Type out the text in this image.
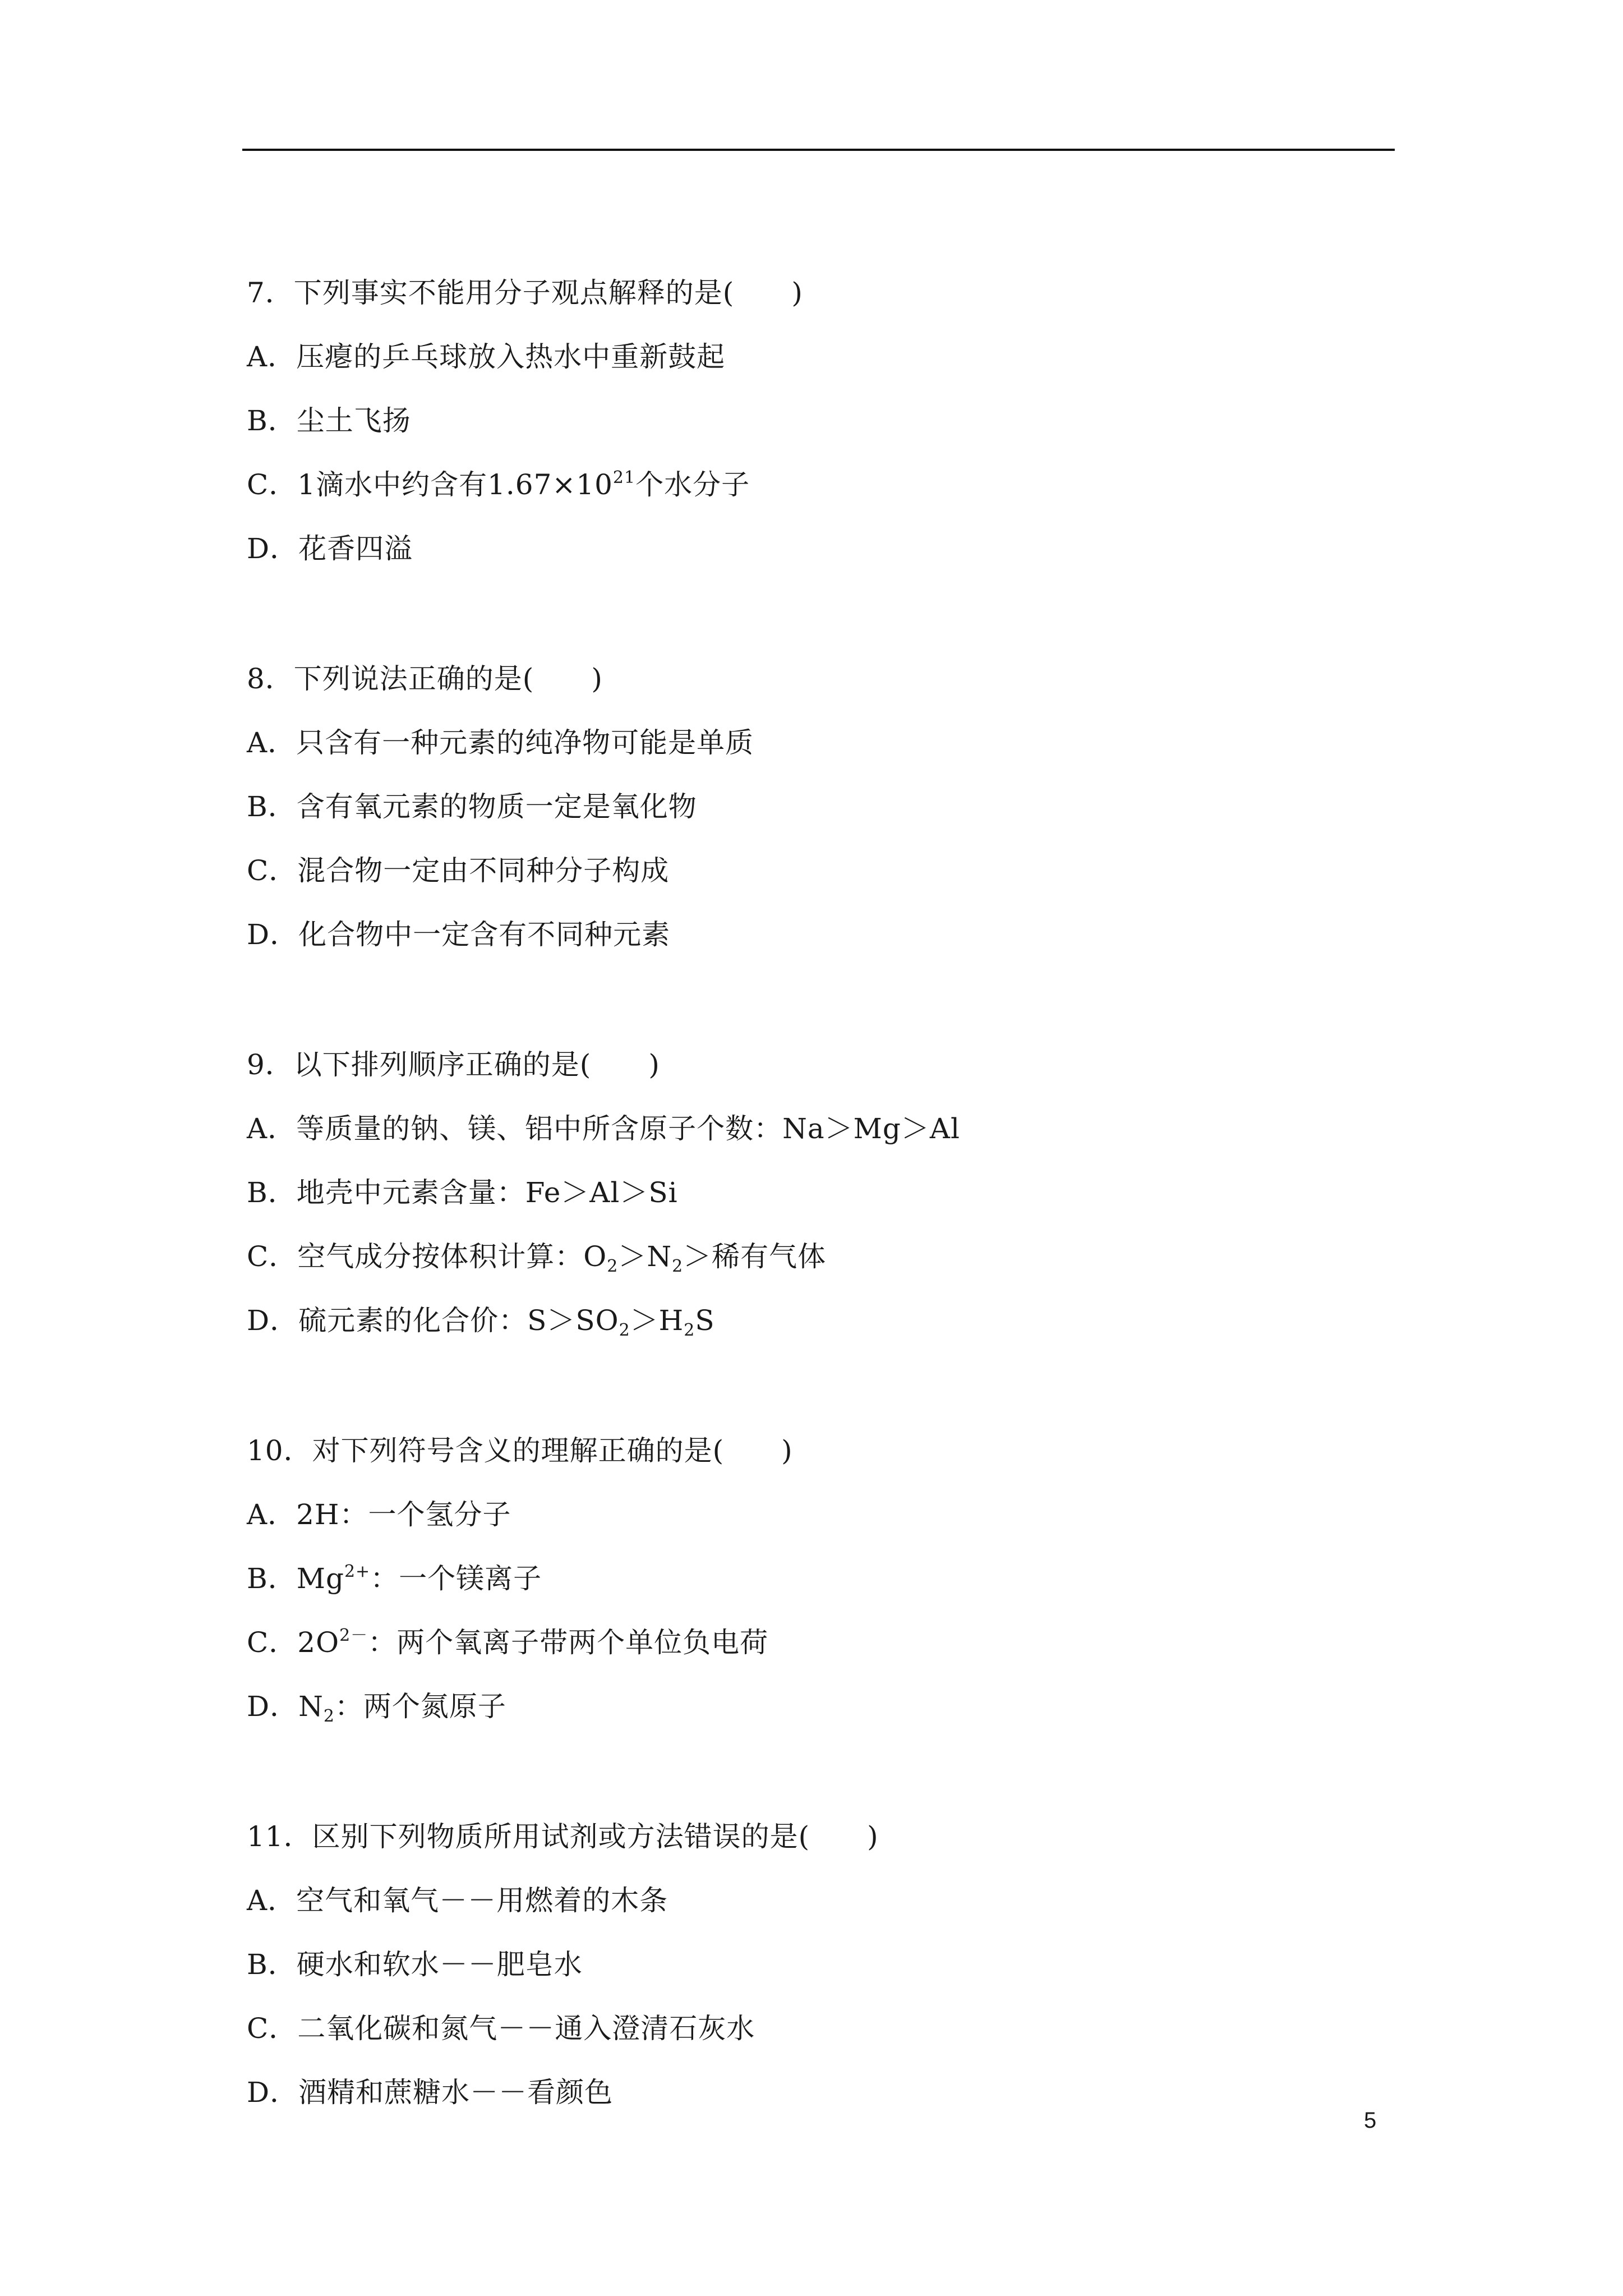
7．下列事实不能用分子观点解释的是(　　)
A．压瘪的乒乓球放入热水中重新鼓起
B．尘土飞扬
C．1滴水中约含有$1.67\times 10^{21}$个水分子
D．花香四溢
8．下列说法正确的是(　　)
A．只含有一种元素的纯净物可能是单质
B．含有氧元素的物质一定是氧化物
C．混合物一定由不同种分子构成
D．化合物中一定含有不同种元素
9．以下排列顺序正确的是(　　)
A．等质量的钠、镁、铝中所含原子个数：Na＞Mg＞Al
B．地壳中元素含量：Fe＞Al＞Si
C．空气成分按体积计算：$O_2>N_2>$稀有气体
D．硫元素的化合价：$S>SO_2>H_2S$
10．对下列符号含义的理解正确的是(　　)
A．2H：一个氢分子
B．$Mg^{2+}$：一个镁离子
C．$2O^{2-}$：两个氧离子带两个单位负电荷
D．$N_2$：两个氮原子
11．区别下列物质所用试剂或方法错误的是(　　)
A．空气和氧气－－用燃着的木条
B．硬水和软水－－肥皂水
C．二氧化碳和氮气－－通入澄清石灰水
D．酒精和蔗糖水－－看颜色
5
